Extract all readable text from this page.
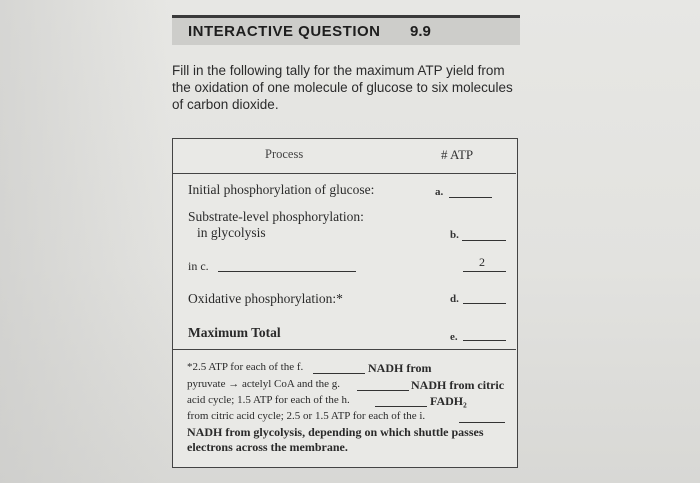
INTERACTIVE QUESTION 9.9
Fill in the following tally for the maximum ATP yield from
the oxidation of one molecule of glucose to six molecules
of carbon dioxide.
Process	# ATP
Initial phosphorylation of glucose:	a.
Substrate-level phosphorylation:
in glycolysis	b.
in c.	2
Oxidative phosphorylation:*	d.
Maximum Total	e.
*2.5 ATP for each of the f.	NADH from
pyruvate → actelyl CoA and the g.	NADH from citric
acid cycle; 1.5 ATP for each of the h.	FADH₂
from citric acid cycle; 2.5 or 1.5 ATP for each of the i.
NADH from glycolysis, depending on which shuttle passes
electrons across the membrane.
